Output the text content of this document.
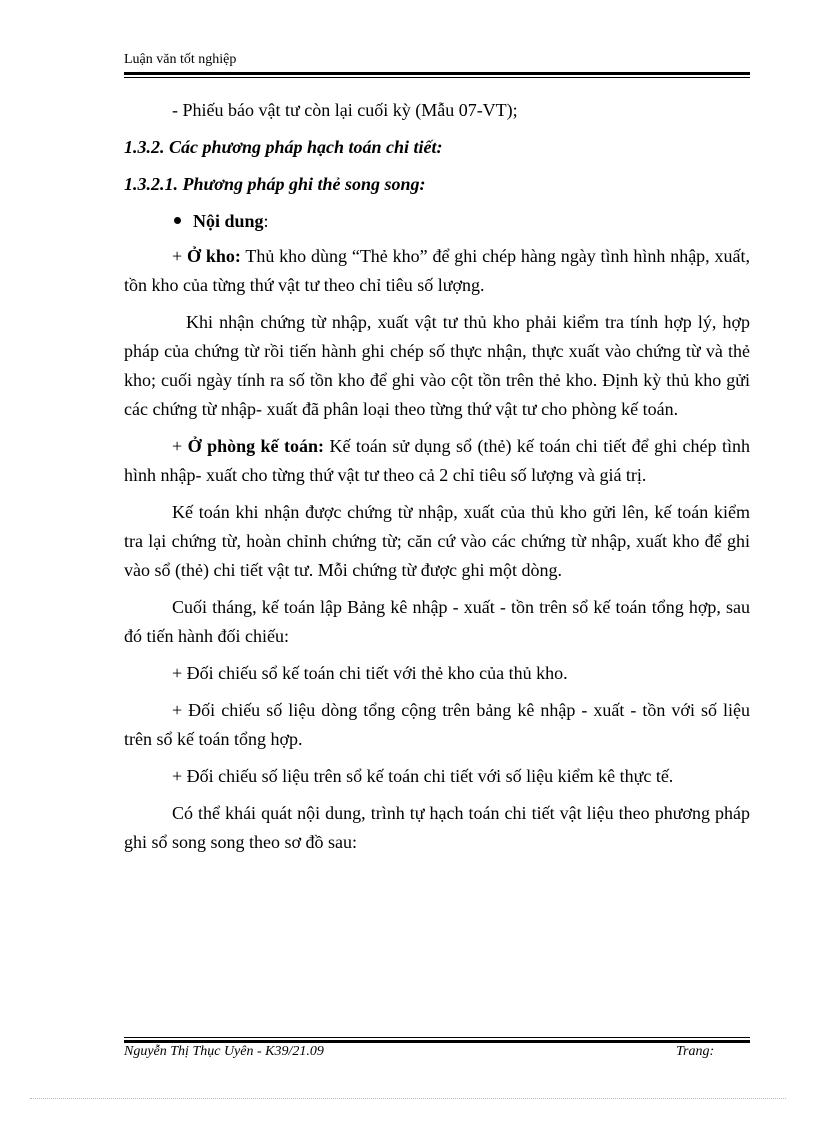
Luận văn tốt nghiệp

- Phiếu báo vật tư còn lại cuối kỳ (Mẫu 07-VT);

1.3.2. Các phương pháp hạch toán chi tiết:

1.3.2.1. Phương pháp ghi thẻ song song:

Nội dung:

+ Ở kho: Thủ kho dùng “Thẻ kho” để ghi chép hàng ngày tình hình nhập, xuất, tồn kho của từng thứ vật tư theo chỉ tiêu số lượng.

Khi nhận chứng từ nhập, xuất vật tư thủ kho phải kiểm tra tính hợp lý, hợp pháp của chứng từ rồi tiến hành ghi chép số thực nhận, thực xuất vào chứng từ và thẻ kho; cuối ngày tính ra số tồn kho để ghi vào cột tồn trên thẻ kho. Định kỳ thủ kho gửi các chứng từ nhập- xuất đã phân loại theo từng thứ vật tư cho phòng kế toán.

+ Ở phòng kế toán: Kế toán sử dụng sổ (thẻ) kế toán chi tiết để ghi chép tình hình nhập- xuất cho từng thứ vật tư theo cả 2 chỉ tiêu số lượng và giá trị.

Kế toán khi nhận được chứng từ nhập, xuất của thủ kho gửi lên, kế toán kiểm tra lại chứng từ, hoàn chỉnh chứng từ; căn cứ vào các chứng từ nhập, xuất kho để ghi vào sổ (thẻ) chi tiết vật tư. Mỗi chứng từ được ghi một dòng.

Cuối tháng, kế toán lập Bảng kê nhập - xuất - tồn trên sổ kế toán tổng hợp, sau đó tiến hành đối chiếu:

+ Đối chiếu sổ kế toán chi tiết với thẻ kho của thủ kho.

+ Đối chiếu số liệu dòng tổng cộng trên bảng kê nhập - xuất - tồn với số liệu trên sổ kế toán tổng hợp.

+ Đối chiếu số liệu trên sổ kế toán chi tiết với số liệu kiểm kê thực tế.

Có thể khái quát nội dung, trình tự hạch toán chi tiết vật liệu theo phương pháp ghi sổ song song theo sơ đồ sau:

Nguyễn Thị Thục Uyên - K39/21.09	Trang:
